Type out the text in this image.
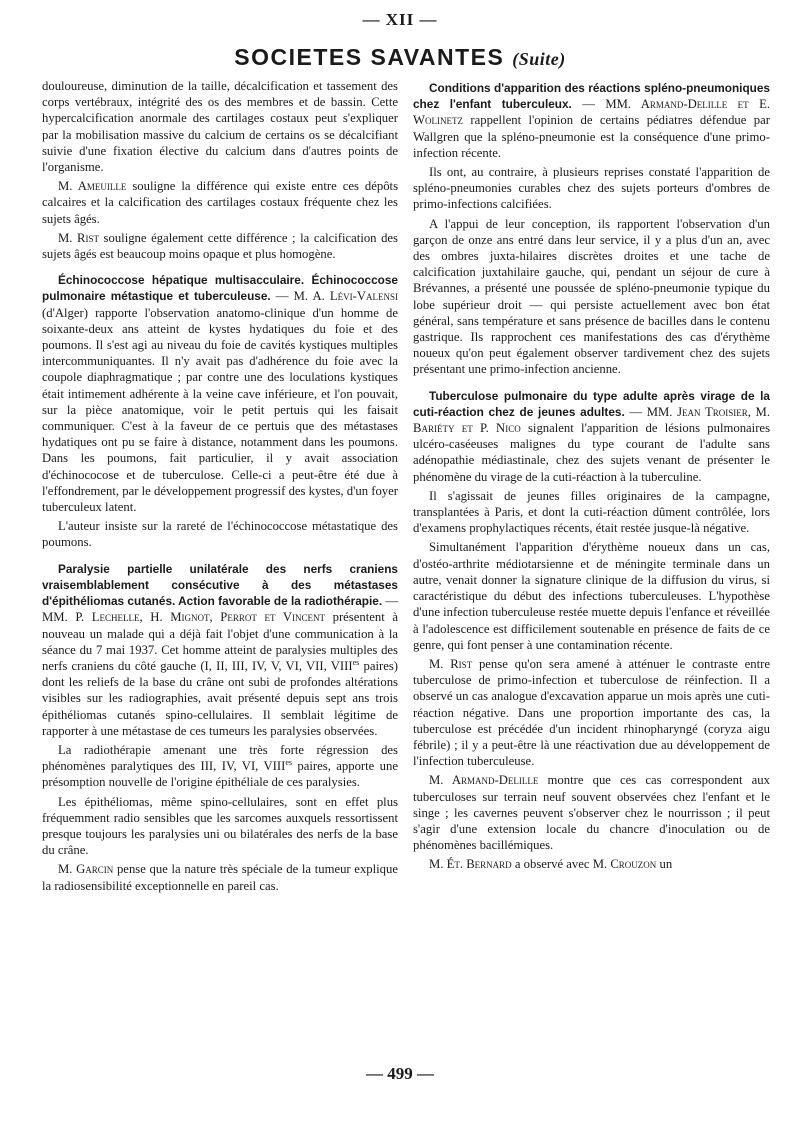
— XII —
SOCIETES SAVANTES (Suite)

douloureuse, diminution de la taille, décalcification et tassement des corps vertébraux, intégrité des os des membres et de bassin. Cette hypercalcification anormale des cartilages costaux peut s'expliquer par la mobilisation massive du calcium de certains os se décalcifiant suivie d'une fixation élective du calcium dans d'autres points de l'organisme.

M. Ameuille souligne la différence qui existe entre ces dépôts calcaires et la calcification des cartilages costaux fréquente chez les sujets âgés.

M. Rist souligne également cette différence ; la calcification des sujets âgés est beaucoup moins opaque et plus homogène.

Échinococcose hépatique multisacculaire. Échinococcose pulmonaire métastique et tuberculeuse. — M. A. Lévi-Valensi (d'Alger) rapporte l'observation anatomo-clinique d'un homme de soixante-deux ans atteint de kystes hydatiques du foie et des poumons. Il s'est agi au niveau du foie de cavités kystiques multiples intercommuniquantes. Il n'y avait pas d'adhérence du foie avec la coupole diaphragmatique ; par contre une des loculations kystiques était intimement adhérente à la veine cave inférieure, et l'on pouvait, sur la pièce anatomique, voir le petit pertuis qui les faisait communiquer. C'est à la faveur de ce pertuis que des métastases hydatiques ont pu se faire à distance, notamment dans les poumons. Dans les poumons, fait particulier, il y avait association d'échinococose et de tuberculose. Celle-ci a peut-être été due à l'effondrement, par le développement progressif des kystes, d'un foyer tuberculeux latent.

L'auteur insiste sur la rareté de l'échinococcose métastatique des poumons.

Paralysie partielle unilatérale des nerfs craniens vraisemblablement consécutive à des métastases d'épithéliomas cutanés. Action favorable de la radiothérapie. — MM. P. Lechelle, H. Mignot, Perrot et Vincent présentent à nouveau un malade qui a déjà fait l'objet d'une communication à la séance du 7 mai 1937. Cet homme atteint de paralysies multiples des nerfs craniens du côté gauche (I, II, III, IV, V, VI, VII, $VIII^{es}$ paires) dont les reliefs de la base du crâne ont subi de profondes altérations visibles sur les radiographies, avait présenté depuis sept ans trois épithéliomas cutanés spino-cellulaires. Il semblait légitime de rapporter à une métastase de ces tumeurs les paralysies observées.

La radiothérapie amenant une très forte régression des phénomènes paralytiques des III, IV, VI, $VIII^{es}$ paires, apporte une présomption nouvelle de l'origine épithéliale de ces paralysies.

Les épithéliomas, même spino-cellulaires, sont en effet plus fréquemment radio sensibles que les sarcomes auxquels ressortissent presque toujours les paralysies uni ou bilatérales des nerfs de la base du crâne.

M. Garcin pense que la nature très spéciale de la tumeur explique la radiosensibilité exceptionnelle en pareil cas.

Conditions d'apparition des réactions spléno-pneumoniques chez l'enfant tuberculeux. — MM. Armand-Delille et E. Wolinetz rappellent l'opinion de certains pédiatres défendue par Wallgren que la spléno-pneumonie est la conséquence d'une primo-infection récente.

Ils ont, au contraire, à plusieurs reprises constaté l'apparition de spléno-pneumonies curables chez des sujets porteurs d'ombres de primo-infections calcifiées.

A l'appui de leur conception, ils rapportent l'observation d'un garçon de onze ans entré dans leur service, il y a plus d'un an, avec des ombres juxta-hilaires discrètes droites et une tache de calcification juxtahilaire gauche, qui, pendant un séjour de cure à Brévannes, a présenté une poussée de spléno-pneumonie typique du lobe supérieur droit — qui persiste actuellement avec bon état général, sans température et sans présence de bacilles dans le contenu gastrique. Ils rapprochent ces manifestations des cas d'érythème noueux qu'on peut également observer tardivement chez des sujets présentant une primo-infection ancienne.

Tuberculose pulmonaire du type adulte après virage de la cuti-réaction chez de jeunes adultes. — MM. Jean Troisier, M. Bariéty et P. Nico signalent l'apparition de lésions pulmonaires ulcéro-caséeuses malignes du type courant de l'adulte sans adénopathie médiastinale, chez des sujets venant de présenter le phénomène du virage de la cuti-réaction à la tuberculine.

Il s'agissait de jeunes filles originaires de la campagne, transplantées à Paris, et dont la cuti-réaction dûment contrôlée, lors d'examens prophylactiques récents, était restée jusque-là négative.

Simultanément l'apparition d'érythème noueux dans un cas, d'ostéo-arthrite médiotarsienne et de méningite terminale dans un autre, venait donner la signature clinique de la diffusion du virus, si caractéristique du début des infections tuberculeuses. L'hypothèse d'une infection tuberculeuse restée muette depuis l'enfance et réveillée à l'adolescence est difficilement soutenable en présence de faits de ce genre, qui font penser à une contamination récente.

M. Rist pense qu'on sera amené à atténuer le contraste entre tuberculose de primo-infection et tuberculose de réinfection. Il a observé un cas analogue d'excavation apparue un mois après une cuti-réaction négative. Dans une proportion importante des cas, la tuberculose est précédée d'un incident rhinopharyngé (coryza aigu fébrile) ; il y a peut-être là une réactivation due au développement de l'infection tuberculeuse.

M. Armand-Delille montre que ces cas correspondent aux tuberculoses sur terrain neuf souvent observées chez l'enfant et le singe ; les cavernes peuvent s'observer chez le nourrisson ; il peut s'agir d'une extension locale du chancre d'inoculation ou de phénomènes bacillémiques.

M. Ét. Bernard a observé avec M. Crouzon un

— 499 —
